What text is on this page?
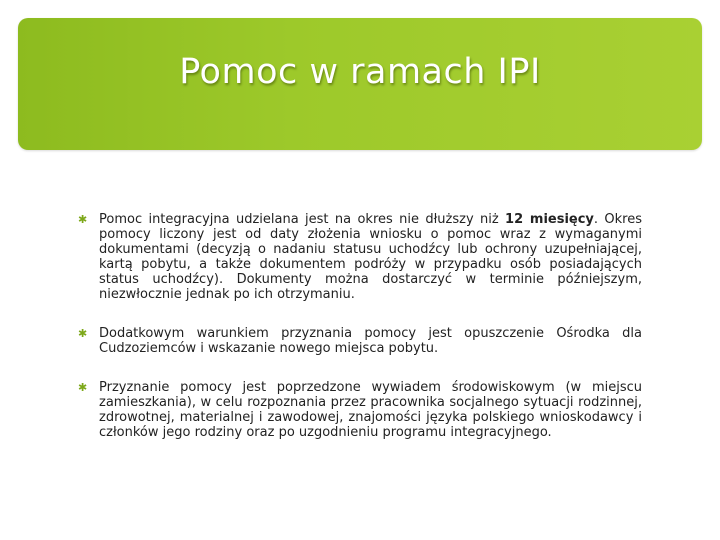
Pomoc w ramach IPI
✱ Pomoc integracyjna udzielana jest na okres nie dłuższy niż 12 miesięcy. Okres pomocy liczony jest od daty złożenia wniosku o pomoc wraz z wymaganymi dokumentami (decyzją o nadaniu statusu uchodźcy lub ochrony uzupełniającej, kartą pobytu, a także dokumentem podróży w przypadku osób posiadających status uchodźcy). Dokumenty można dostarczyć w terminie późniejszym, niezwłocznie jednak po ich otrzymaniu.
✱ Dodatkowym warunkiem przyznania pomocy jest opuszczenie Ośrodka dla Cudzoziemców i wskazanie nowego miejsca pobytu.
✱ Przyznanie pomocy jest poprzedzone wywiadem środowiskowym (w miejscu zamieszkania), w celu rozpoznania przez pracownika socjalnego sytuacji rodzinnej, zdrowotnej, materialnej i zawodowej, znajomości języka polskiego wnioskodawcy i członków jego rodziny oraz po uzgodnieniu programu integracyjnego.
